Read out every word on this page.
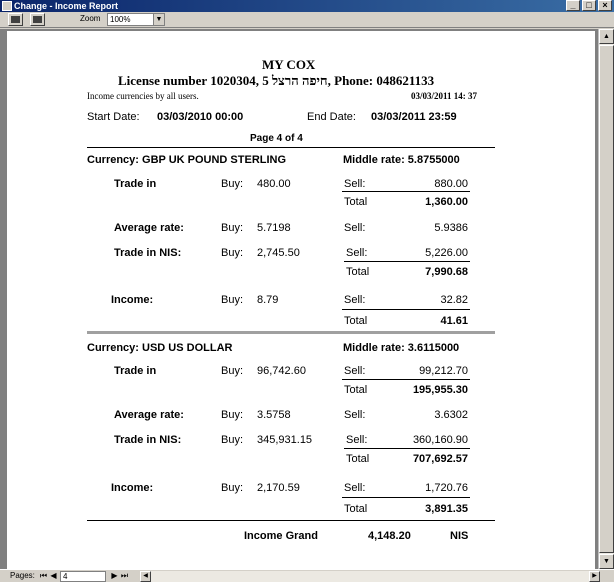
Change - Income Report	_	□	×
Zoom	100%	▼
MY COX
License number 1020304, חיפה הרצל 5, Phone: 048621133
Income currencies by all users.	03/03/2011 14: 37
Start Date: 03/03/2010 00:00	End Date: 03/03/2011 23:59
Page 4 of 4
Currency: GBP UK POUND STERLING	Middle rate: 5.8755000
Trade in	Buy: 480.00	Sell:	880.00
Total	1,360.00
Average rate:	Buy: 5.7198	Sell:	5.9386
Trade in NIS:	Buy: 2,745.50	Sell:	5,226.00
Total	7,990.68
Income:	Buy: 8.79	Sell:	32.82
Total	41.61
Currency: USD US DOLLAR	Middle rate: 3.6115000
Trade in	Buy: 96,742.60	Sell:	99,212.70
Total	195,955.30
Average rate:	Buy: 3.5758	Sell:	3.6302
Trade in NIS:	Buy: 345,931.15	Sell:	360,160.90
Total	707,692.57
Income:	Buy: 2,170.59	Sell:	1,720.76
Total	3,891.35
Income Grand	4,148.20	NIS
▲
▼
Pages: ⏮ ◀ 4	▶ ⏭	◀	▶
